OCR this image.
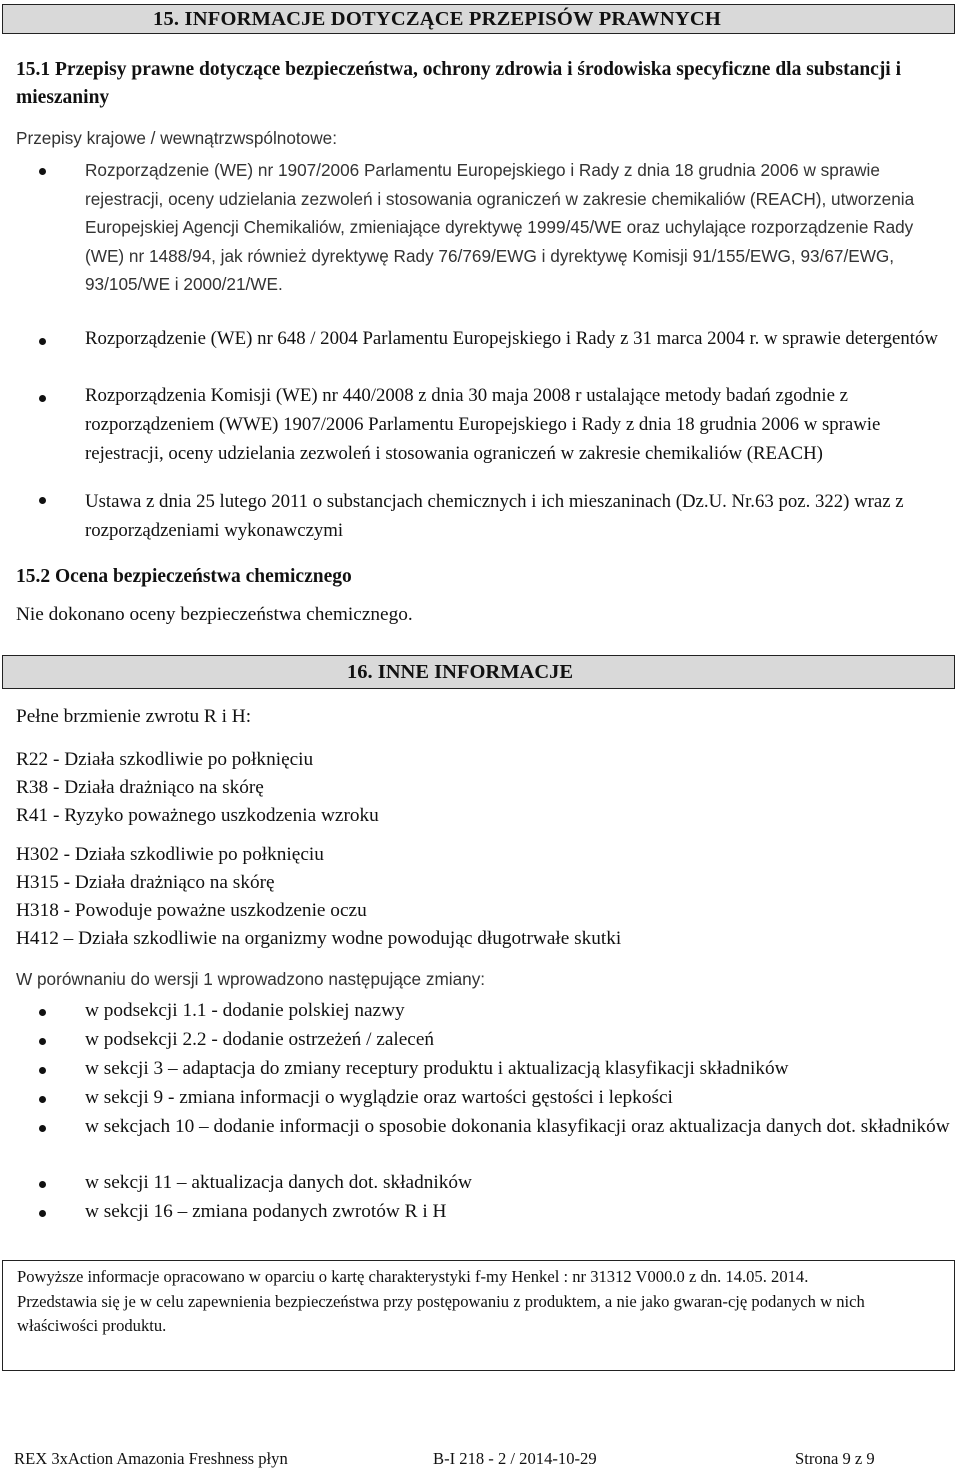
15. INFORMACJE DOTYCZĄCE PRZEPISÓW PRAWNYCH
15.1 Przepisy prawne dotyczące bezpieczeństwa, ochrony zdrowia i środowiska specyficzne dla substancji i mieszaniny
Przepisy krajowe / wewnątrzwspólnotowe:
Rozporządzenie (WE) nr 1907/2006 Parlamentu Europejskiego i Rady z dnia 18 grudnia 2006 w sprawie rejestracji, oceny udzielania zezwoleń i stosowania ograniczeń w zakresie chemikaliów (REACH), utworzenia Europejskiej Agencji Chemikaliów, zmieniające dyrektywę 1999/45/WE oraz uchylające rozporządzenie Rady (WE) nr 1488/94, jak również dyrektywę Rady 76/769/EWG i dyrektywę Komisji 91/155/EWG, 93/67/EWG, 93/105/WE i 2000/21/WE.
Rozporządzenie (WE) nr 648 / 2004 Parlamentu Europejskiego i Rady z 31 marca 2004 r. w sprawie detergentów
Rozporządzenia Komisji (WE) nr 440/2008 z dnia 30 maja 2008 r ustalające metody badań zgodnie z rozporządzeniem (WWE) 1907/2006 Parlamentu Europejskiego i Rady z dnia 18 grudnia 2006 w sprawie rejestracji, oceny udzielania zezwoleń i stosowania ograniczeń w zakresie chemikaliów (REACH)
Ustawa z dnia 25 lutego 2011 o substancjach chemicznych i ich mieszaninach (Dz.U. Nr.63 poz. 322) wraz z rozporządzeniami wykonawczymi
15.2 Ocena bezpieczeństwa chemicznego
Nie dokonano oceny bezpieczeństwa chemicznego.
16. INNE INFORMACJE
Pełne brzmienie zwrotu R i H:
R22 - Działa szkodliwie po połknięciu
R38 - Działa drażniąco na skórę
R41 - Ryzyko poważnego uszkodzenia wzroku
H302 - Działa szkodliwie po połknięciu
H315 - Działa drażniąco na skórę
H318 - Powoduje poważne uszkodzenie oczu
H412 – Działa szkodliwie na organizmy wodne powodując długotrwałe skutki
W porównaniu do wersji 1 wprowadzono następujące zmiany:
w podsekcji 1.1 - dodanie polskiej nazwy
w podsekcji 2.2 - dodanie ostrzeżeń / zaleceń
w sekcji 3 – adaptacja do zmiany receptury produktu i aktualizacją klasyfikacji składników
w sekcji 9 - zmiana informacji o wyglądzie oraz wartości gęstości i lepkości
w sekcjach 10 – dodanie informacji o sposobie dokonania klasyfikacji oraz aktualizacja danych dot. składników
w sekcji 11 – aktualizacja danych dot. składników
w sekcji 16 – zmiana podanych zwrotów R i H
Powyższe informacje opracowano w oparciu o kartę charakterystyki f-my Henkel : nr 31312 V000.0 z dn. 14.05. 2014.
Przedstawia się je w celu zapewnienia bezpieczeństwa przy postępowaniu z produktem, a nie jako gwaran-cję podanych w nich właściwości produktu.
REX 3xAction Amazonia Freshness płyn	B-I 218 - 2 / 2014-10-29	Strona 9 z 9
